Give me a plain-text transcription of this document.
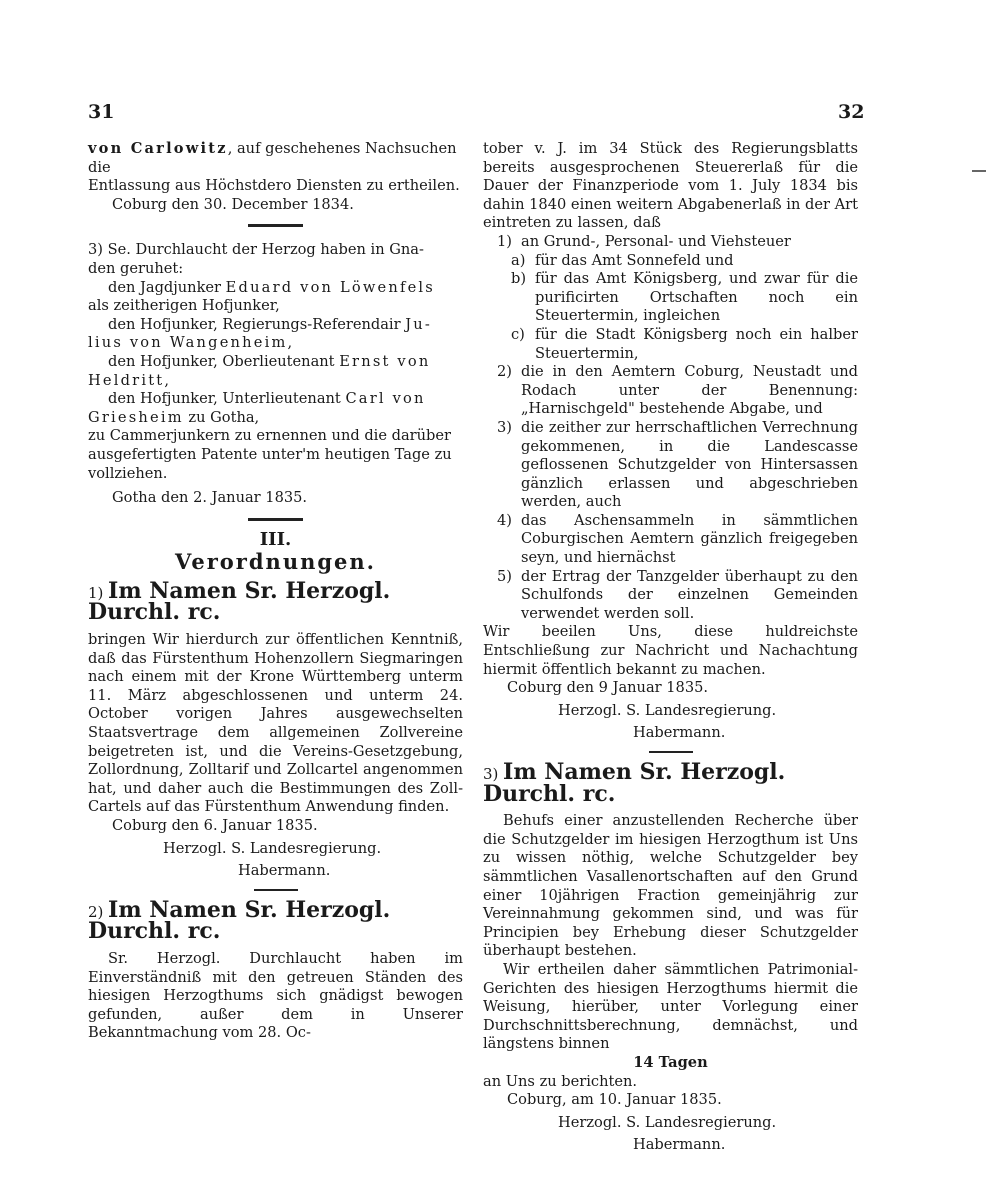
31	32

von Carlowitz, auf geschehenes Nachsuchen die

Entlassung aus Höchstdero Diensten zu ertheilen.

Coburg den 30. December 1834.

3) Se. Durchlaucht der Herzog haben in Gna-

den geruhet:

den Jagdjunker Eduard von Löwenfels

als zeitherigen Hofjunker,

den Hofjunker, Regierungs-Referendair Ju-

lius von Wangenheim,

den Hofjunker, Oberlieutenant Ernst von

Heldritt,

den Hofjunker, Unterlieutenant Carl von

Griesheim zu Gotha,

zu Cammerjunkern zu ernennen und die darüber

ausgefertigten Patente unter'm heutigen Tage zu

vollziehen.

Gotha den 2. Januar 1835.

III.
Verordnungen.
1) Im Namen Sr. Herzogl. Durchl. rc.

bringen Wir hierdurch zur öffentlichen Kenntniß, daß das Fürstenthum Hohenzollern Siegmaringen nach einem mit der Krone Württemberg unterm 11. März abgeschlossenen und unterm 24. October vorigen Jahres ausgewechselten Staatsvertrage dem allgemeinen Zollvereine beigetreten ist, und die Vereins-Gesetzgebung, Zollordnung, Zolltarif und Zollcartel angenommen hat, und daher auch die Bestimmungen des Zoll-Cartels auf das Fürstenthum Anwendung finden.

Coburg den 6. Januar 1835.

Herzogl. S. Landesregierung.

Habermann.

2) Im Namen Sr. Herzogl. Durchl. rc.

Sr. Herzogl. Durchlaucht haben im Einverständniß mit den getreuen Ständen des hiesigen Herzogthums sich gnädigst bewogen gefunden, außer dem in Unserer Bekanntmachung vom 28. Oc-

tober v. J. im 34 Stück des Regierungsblatts bereits ausgesprochenen Steuererlaß für die Dauer der Finanzperiode vom 1. July 1834 bis dahin 1840 einen weitern Abgabenerlaß in der Art eintreten zu lassen, daß

1) an Grund-, Personal- und Viehsteuer
a) für das Amt Sonnefeld und
b) für das Amt Königsberg, und zwar für die purificirten Ortschaften noch ein Steuertermin, ingleichen
c) für die Stadt Königsberg noch ein halber Steuertermin,
2) die in den Aemtern Coburg, Neustadt und Rodach unter der Benennung: „Harnischgeld" bestehende Abgabe, und
3) die zeither zur herrschaftlichen Verrechnung gekommenen, in die Landescasse geflossenen Schutzgelder von Hintersassen gänzlich erlassen und abgeschrieben werden, auch
4) das Aschensammeln in sämmtlichen Coburgischen Aemtern gänzlich freigegeben seyn, und hiernächst
5) der Ertrag der Tanzgelder überhaupt zu den Schulfonds der einzelnen Gemeinden verwendet werden soll.

Wir beeilen Uns, diese huldreichste Entschließung zur Nachricht und Nachachtung hiermit öffentlich bekannt zu machen.

Coburg den 9 Januar 1835.

Herzogl. S. Landesregierung.

Habermann.

3) Im Namen Sr. Herzogl. Durchl. rc.

Behufs einer anzustellenden Recherche über die Schutzgelder im hiesigen Herzogthum ist Uns zu wissen nöthig, welche Schutzgelder bey sämmtlichen Vasallenortschaften auf den Grund einer 10jährigen Fraction gemeinjährig zur Vereinnahmung gekommen sind, und was für Principien bey Erhebung dieser Schutzgelder überhaupt bestehen.

Wir ertheilen daher sämmtlichen Patrimonial-Gerichten des hiesigen Herzogthums hiermit die Weisung, hierüber, unter Vorlegung einer Durchschnittsberechnung, demnächst, und längstens binnen

14 Tagen

an Uns zu berichten.

Coburg, am 10. Januar 1835.

Herzogl. S. Landesregierung.

Habermann.
